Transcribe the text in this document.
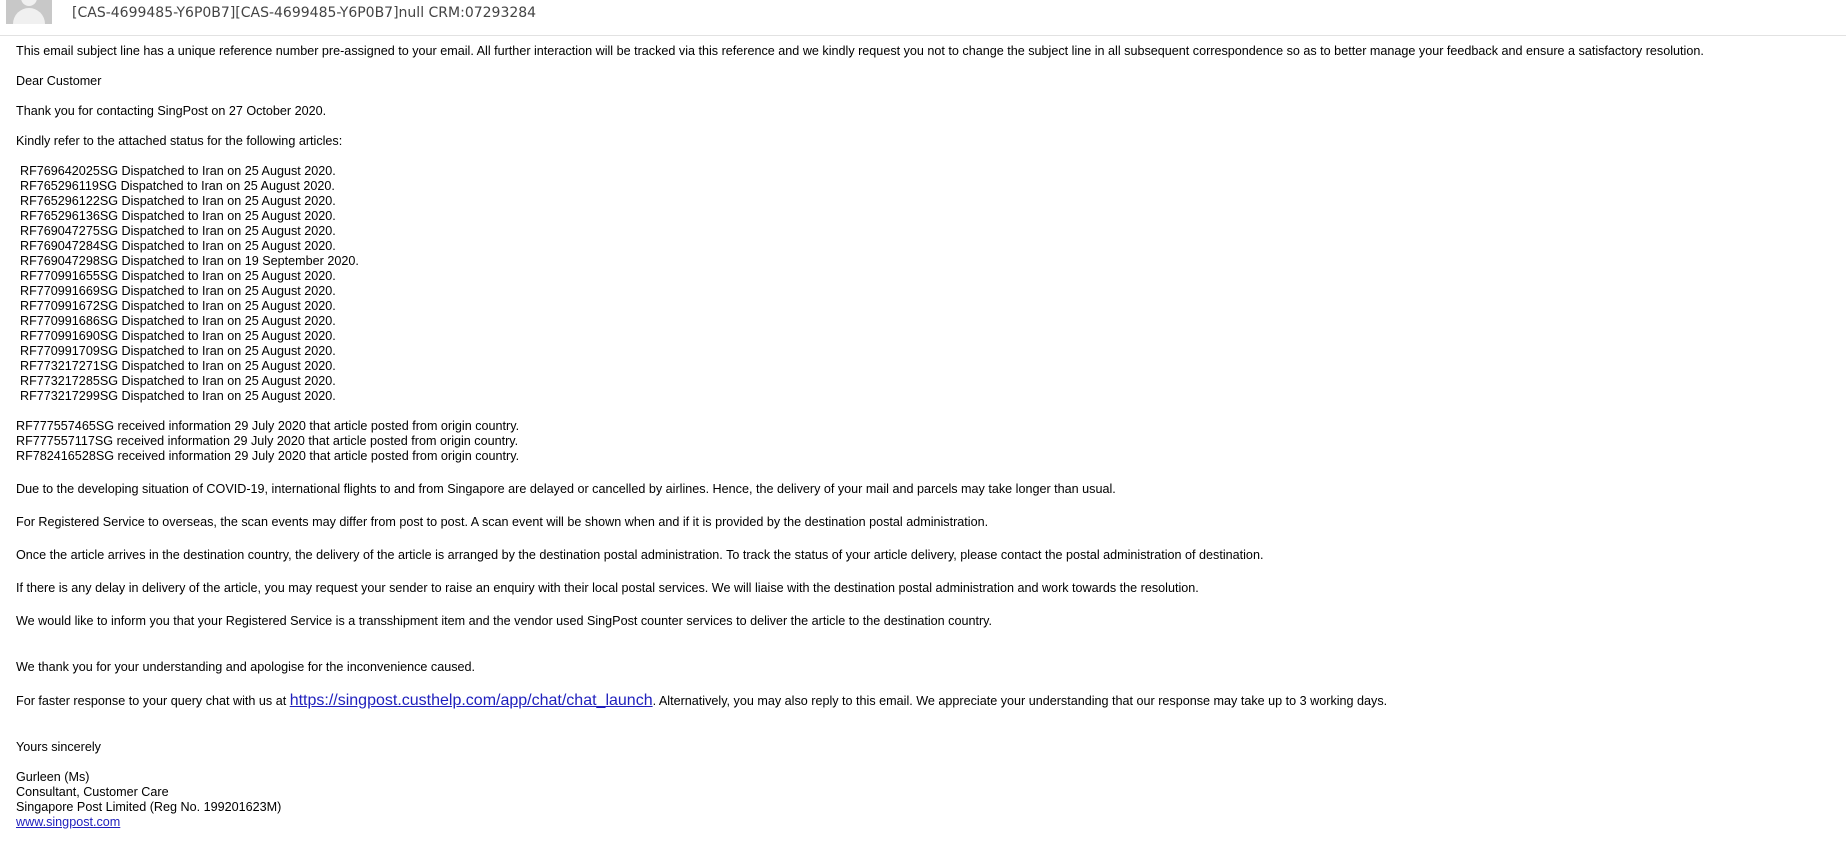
[CAS-4699485-Y6P0B7][CAS-4699485-Y6P0B7]null CRM:07293284

This email subject line has a unique reference number pre-assigned to your email. All further interaction will be tracked via this reference and we kindly request you not to change the subject line in all subsequent correspondence so as to better manage your feedback and ensure a satisfactory resolution.

Dear Customer

Thank you for contacting SingPost on 27 October 2020.

Kindly refer to the attached status for the following articles:

RF769642025SG Dispatched to Iran on 25 August 2020.
RF765296119SG Dispatched to Iran on 25 August 2020.
RF765296122SG Dispatched to Iran on 25 August 2020.
RF765296136SG Dispatched to Iran on 25 August 2020.
RF769047275SG Dispatched to Iran on 25 August 2020.
RF769047284SG Dispatched to Iran on 25 August 2020.
RF769047298SG Dispatched to Iran on 19 September 2020.
RF770991655SG Dispatched to Iran on 25 August 2020.
RF770991669SG Dispatched to Iran on 25 August 2020.
RF770991672SG Dispatched to Iran on 25 August 2020.
RF770991686SG Dispatched to Iran on 25 August 2020.
RF770991690SG Dispatched to Iran on 25 August 2020.
RF770991709SG Dispatched to Iran on 25 August 2020.
RF773217271SG Dispatched to Iran on 25 August 2020.
RF773217285SG Dispatched to Iran on 25 August 2020.
RF773217299SG Dispatched to Iran on 25 August 2020.
RF777557465SG received information 29 July 2020 that article posted from origin country.
RF777557117SG received information 29 July 2020 that article posted from origin country.
RF782416528SG received information 29 July 2020 that article posted from origin country.

Due to the developing situation of COVID-19, international flights to and from Singapore are delayed or cancelled by airlines. Hence, the delivery of your mail and parcels may take longer than usual.

For Registered Service to overseas, the scan events may differ from post to post. A scan event will be shown when and if it is provided by the destination postal administration.

Once the article arrives in the destination country, the delivery of the article is arranged by the destination postal administration. To track the status of your article delivery, please contact the postal administration of destination.

If there is any delay in delivery of the article, you may request your sender to raise an enquiry with their local postal services. We will liaise with the destination postal administration and work towards the resolution.

We would like to inform you that your Registered Service is a transshipment item and the vendor used SingPost counter services to deliver the article to the destination country.

We thank you for your understanding and apologise for the inconvenience caused.

For faster response to your query chat with us at https://singpost.custhelp.com/app/chat/chat_launch. Alternatively, you may also reply to this email. We appreciate your understanding that our response may take up to 3 working days.

Yours sincerely

Gurleen (Ms)
Consultant, Customer Care
Singapore Post Limited (Reg No. 199201623M)
www.singpost.com
